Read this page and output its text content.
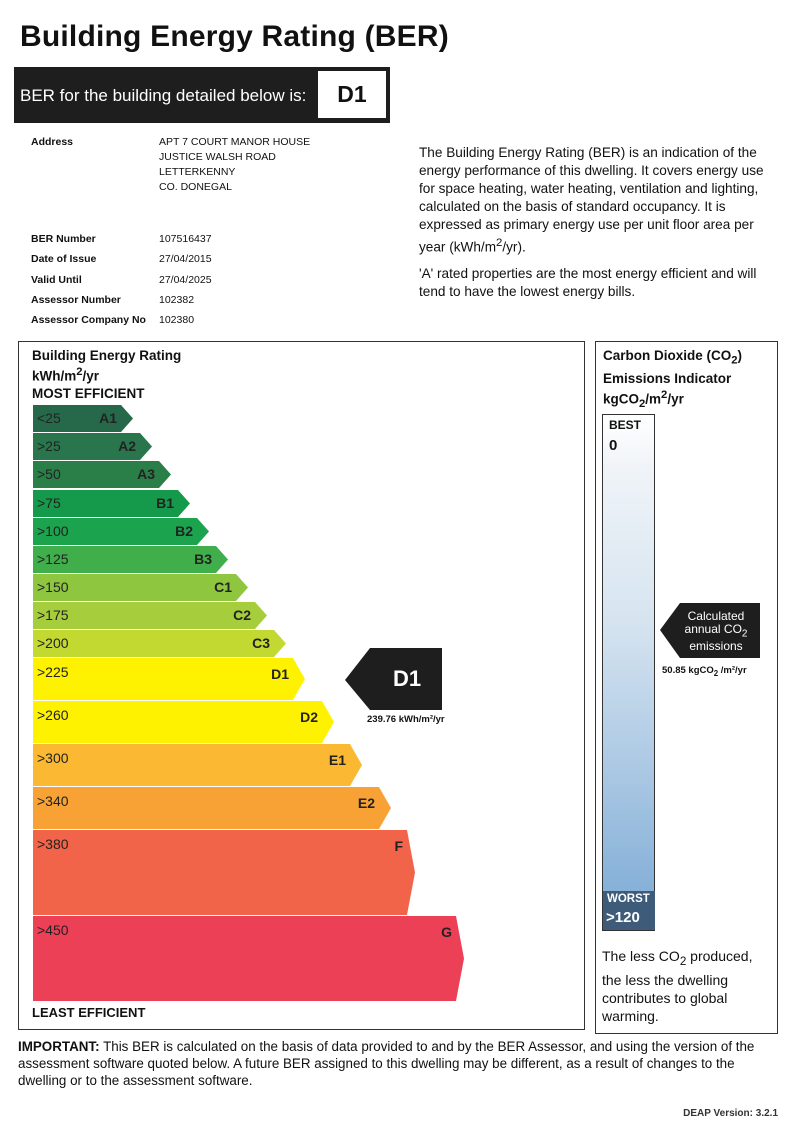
Building Energy Rating (BER)
BER for the building detailed below is:	D1
Address	APT 7 COURT MANOR HOUSE
JUSTICE WALSH ROAD
LETTERKENNY
CO. DONEGAL
BER Number	107516437
Date of Issue	27/04/2015
Valid Until	27/04/2025
Assessor Number	102382
Assessor Company No 102380

The Building Energy Rating (BER) is an indication of the energy performance of this dwelling. It covers energy use for space heating, water heating, ventilation and lighting, calculated on the basis of standard occupancy. It is expressed as primary energy use per unit floor area per year $(kWh/m^2/yr)$.

'A' rated properties are the most energy efficient and will tend to have the lowest energy bills.

Building Energy Rating
kWh/$m^2/yr$
MOST EFFICIENT
<25	A1
>25	A2
>50	A3
>75	B1
>100	B2
>125	B3
>150	C1
>175	C2
>200	C3
>225	D1
>260	D2
>300	E1
>340	E2
>380	F
>450	G
D1
239.76 kWh/m²/yr
LEAST EFFICIENT
Carbon Dioxide $(CO_2)$
Emissions Indicator
$kgCO_2/m^2/yr$
BEST
0
WORST
>120
Calculated
annual $CO_2$
emissions
50.85 kgCO$_2$ /m²/yr
The less $CO_2$ produced, the less the dwelling contributes to global warming.
IMPORTANT: This BER is calculated on the basis of data provided to and by the BER Assessor, and using the version of the assessment software quoted below. A future BER assigned to this dwelling may be different, as a result of changes to the dwelling or to the assessment software.
DEAP Version: 3.2.1
